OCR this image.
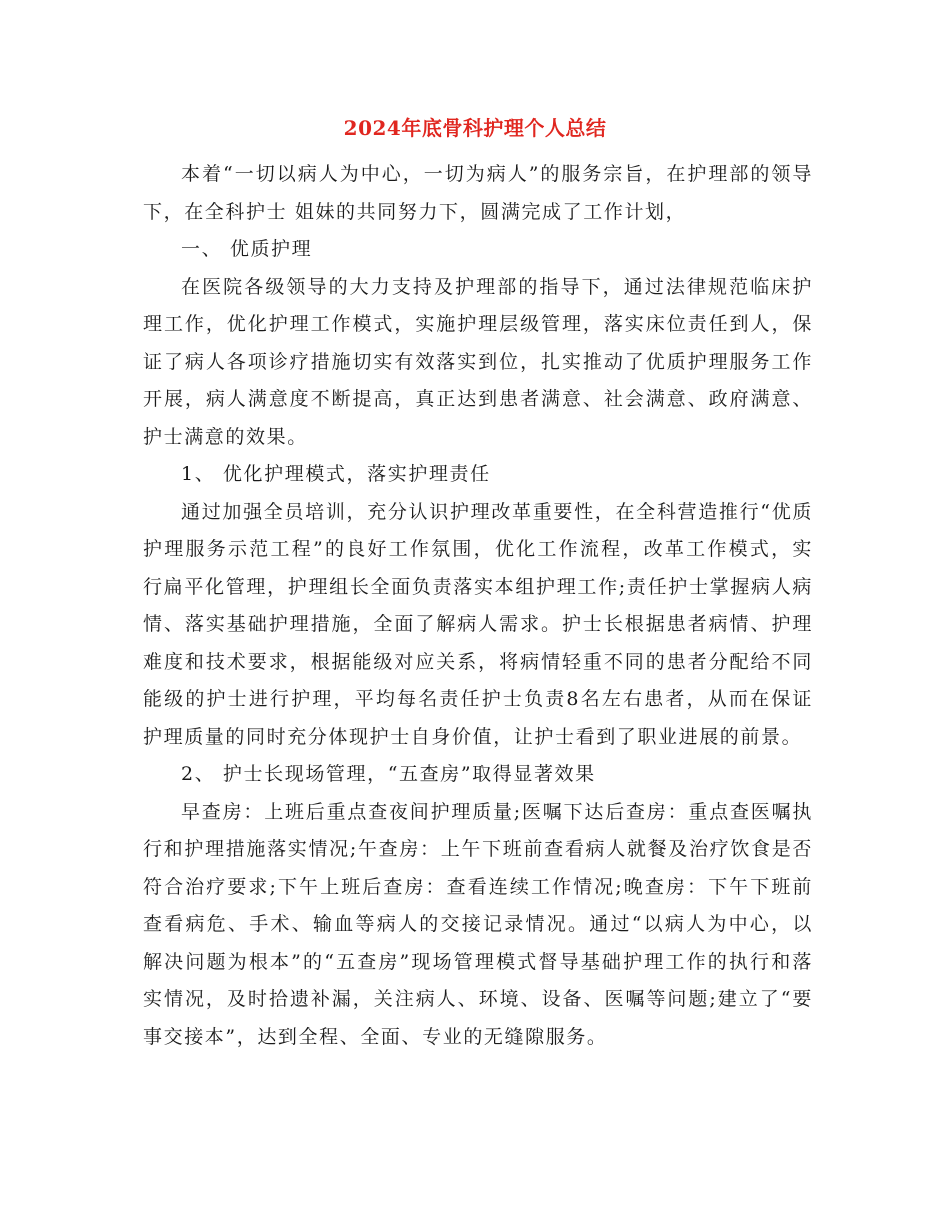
2024年底骨科护理个人总结

本着“一切以病人为中心，一切为病人”的服务宗旨，在护理部的领导下，在全科护士 姐妹的共同努力下，圆满完成了工作计划，

一、 优质护理

在医院各级领导的大力支持及护理部的指导下，通过法律规范临床护理工作，优化护理工作模式，实施护理层级管理，落实床位责任到人，保证了病人各项诊疗措施切实有效落实到位，扎实推动了优质护理服务工作开展，病人满意度不断提高，真正达到患者满意、社会满意、政府满意、护士满意的效果。

1、 优化护理模式，落实护理责任

通过加强全员培训，充分认识护理改革重要性，在全科营造推行“优质护理服务示范工程”的良好工作氛围，优化工作流程，改革工作模式，实行扁平化管理，护理组长全面负责落实本组护理工作;责任护士掌握病人病情、落实基础护理措施，全面了解病人需求。护士长根据患者病情、护理难度和技术要求，根据能级对应关系，将病情轻重不同的患者分配给不同能级的护士进行护理，平均每名责任护士负责8名左右患者，从而在保证护理质量的同时充分体现护士自身价值，让护士看到了职业进展的前景。

2、 护士长现场管理，“五查房”取得显著效果

早查房：上班后重点查夜间护理质量;医嘱下达后查房：重点查医嘱执行和护理措施落实情况;午查房：上午下班前查看病人就餐及治疗饮食是否符合治疗要求;下午上班后查房：查看连续工作情况;晚查房：下午下班前查看病危、手术、输血等病人的交接记录情况。通过“以病人为中心，以解决问题为根本”的“五查房”现场管理模式督导基础护理工作的执行和落实情况，及时拾遗补漏，关注病人、环境、设备、医嘱等问题;建立了“要事交接本”，达到全程、全面、专业的无缝隙服务。
